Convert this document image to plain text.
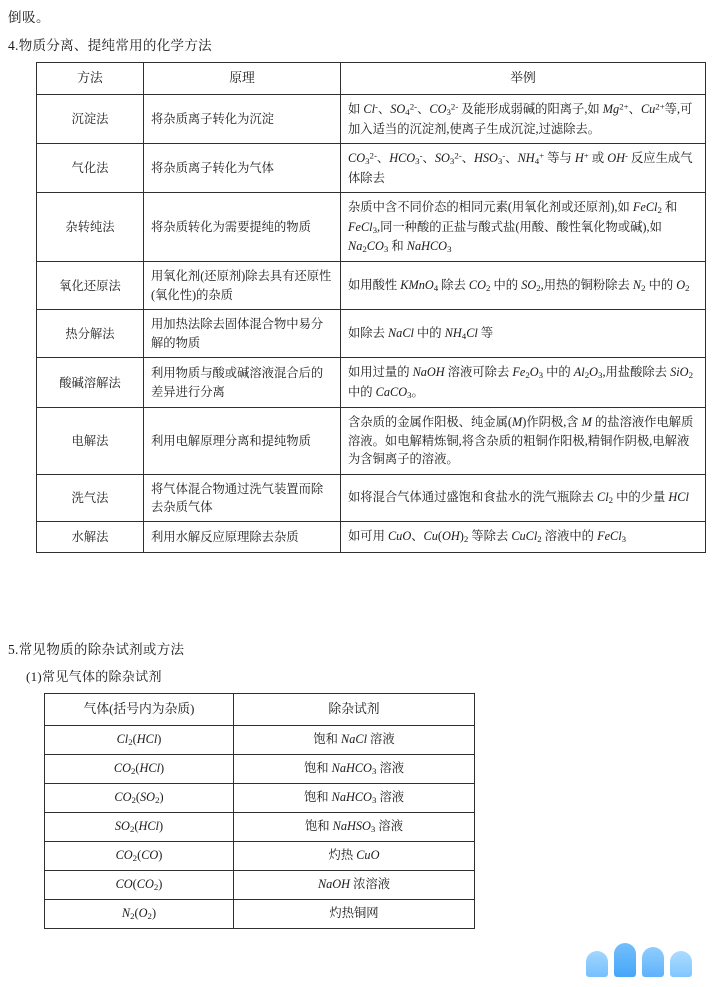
倒吸。
4.物质分离、提纯常用的化学方法
方法	原理	举例
沉淀法	将杂质离子转化为沉淀	如 Cl-、$SO_4^{2-}$、$CO_3^{2-}$ 及能形成弱碱的阳离子,如 $Mg^{2+}$、$Cu^{2+}$等,可加入适当的沉淀剂,使离子生成沉淀,过滤除去。
气化法	将杂质离子转化为气体	$CO_3^{2-}$、$HCO_3^-$、$SO_3^{2-}$、$HSO_3^-$、$NH_4^+$ 等与 H+ 或 OH- 反应生成气体除去
杂转纯法	将杂质转化为需要提纯的物质	杂质中含不同价态的相同元素(用氧化剂或还原剂),如 FeCl$_2$ 和 FeCl$_3$,同一种酸的正盐与酸式盐(用酸、酸性氧化物或碱),如 $Na_2CO_3$ 和 NaHCO$_3$
氧化还原法	用氧化剂(还原剂)除去具有还原性(氧化性)的杂质	如用酸性 KMnO$_4$ 除去 $CO_2$ 中的 $SO_2$,用热的铜粉除去 $N_2$ 中的 $O_2$
热分解法	用加热法除去固体混合物中易分解的物质	如除去 NaCl 中的 $NH_4Cl$ 等
酸碱溶解法	利用物质与酸或碱溶液混合后的差异进行分离	如用过量的 NaOH 溶液可除去 $Fe_2O_3$ 中的 $Al_2O_3$,用盐酸除去 SiO$_2$ 中的 CaCO$_3$。
电解法	利用电解原理分离和提纯物质	含杂质的金属作阳极、纯金属(M)作阴极,含 M 的盐溶液作电解质溶液。如电解精炼铜,将含杂质的粗铜作阳极,精铜作阴极,电解液为含铜离子的溶液。
洗气法	将气体混合物通过洗气装置而除去杂质气体	如将混合气体通过盛饱和食盐水的洗气瓶除去 $Cl_2$ 中的少量 HCl
水解法	利用水解反应原理除去杂质	如可用 CuO、$Cu(OH)_2$ 等除去 CuCl$_2$ 溶液中的 FeCl$_3$
5.常见物质的除杂试剂或方法
(1)常见气体的除杂试剂
气体(括号内为杂质)	除杂试剂
$Cl_2(HCl)$	饱和 NaCl 溶液
$CO_2(HCl)$	饱和 NaHCO$_3$ 溶液
$CO_2(SO_2)$	饱和 NaHCO$_3$ 溶液
$SO_2(HCl)$	饱和 NaHSO$_3$ 溶液
$CO_2(CO)$	灼热 CuO
$CO(CO_2)$	NaOH 浓溶液
$N_2(O_2)$	灼热铜网
